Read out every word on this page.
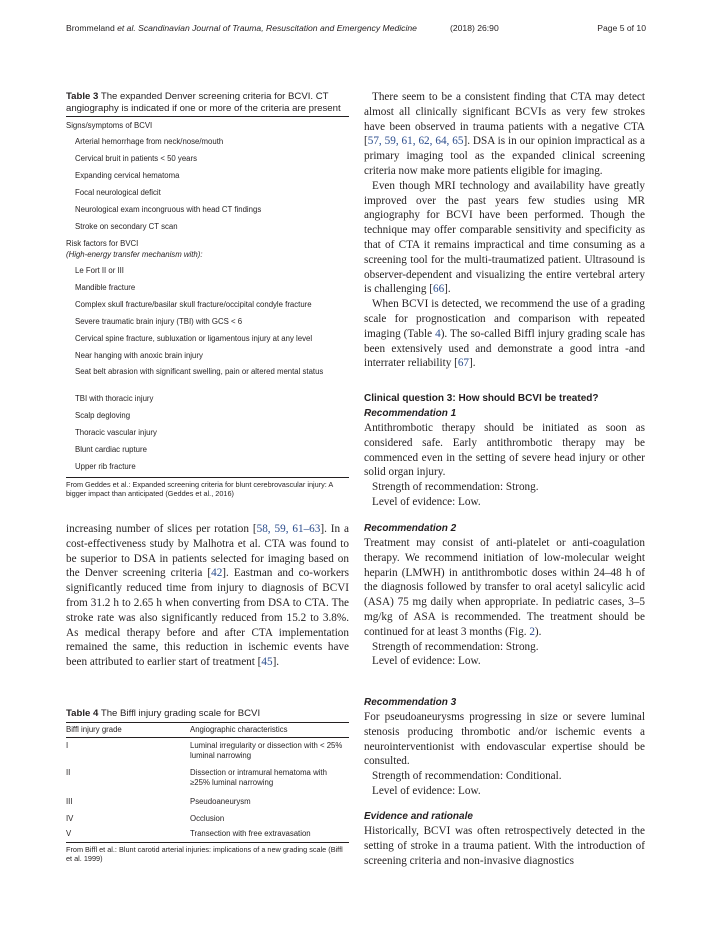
Brommeland et al. Scandinavian Journal of Trauma, Resuscitation and Emergency Medicine	(2018) 26:90	Page 5 of 10
Table 3 The expanded Denver screening criteria for BCVI. CT angiography is indicated if one or more of the criteria are present
Signs/symptoms of BCVI
Arterial hemorrhage from neck/nose/mouth
Cervical bruit in patients < 50 years
Expanding cervical hematoma
Focal neurological deficit
Neurological exam incongruous with head CT findings
Stroke on secondary CT scan
Risk factors for BVCI
(High-energy transfer mechanism with):
Le Fort II or III
Mandible fracture
Complex skull fracture/basilar skull fracture/occipital condyle fracture
Severe traumatic brain injury (TBI) with GCS < 6
Cervical spine fracture, subluxation or ligamentous injury at any level
Near hanging with anoxic brain injury
Seat belt abrasion with significant swelling, pain or altered mental status
TBI with thoracic injury
Scalp degloving
Thoracic vascular injury
Blunt cardiac rupture
Upper rib fracture
From Geddes et al.: Expanded screening criteria for blunt cerebrovascular injury: A bigger impact than anticipated (Geddes et al., 2016)

increasing number of slices per rotation [58, 59, 61–63]. In a cost-effectiveness study by Malhotra et al. CTA was found to be superior to DSA in patients selected for imaging based on the Denver screening criteria [42]. Eastman and co-workers significantly reduced time from injury to diagnosis of BCVI from 31.2 h to 2.65 h when converting from DSA to CTA. The stroke rate was also significantly reduced from 15.2 to 3.8%. As medical therapy before and after CTA implementation remained the same, this reduction in ischemic events have been attributed to earlier start of treatment [45].

Table 4 The Biffl injury grading scale for BCVI
Biffl injury grade	Angiographic characteristics
I	Luminal irregularity or dissection with < 25% luminal narrowing
II	Dissection or intramural hematoma with ≥25% luminal narrowing
III	Pseudoaneurysm
IV	Occlusion
V	Transection with free extravasation
From Biffl et al.: Blunt carotid arterial injuries: implications of a new grading scale (Biffl et al. 1999)

There seem to be a consistent finding that CTA may detect almost all clinically significant BCVIs as very few strokes have been observed in trauma patients with a negative CTA [57, 59, 61, 62, 64, 65]. DSA is in our opinion impractical as a primary imaging tool as the expanded clinical screening criteria now make more patients eligible for imaging.

Even though MRI technology and availability have greatly improved over the past years few studies using MR angiography for BCVI have been performed. Though the technique may offer comparable sensitivity and specificity as that of CTA it remains impractical and time consuming as a screening tool for the multi-traumatized patient. Ultrasound is observer-dependent and visualizing the entire vertebral artery is challenging [66].

When BCVI is detected, we recommend the use of a grading scale for prognostication and comparison with repeated imaging (Table 4). The so-called Biffl injury grading scale has been extensively used and demonstrate a good intra -and interrater reliability [67].

Clinical question 3: How should BCVI be treated?
Recommendation 1

Antithrombotic therapy should be initiated as soon as considered safe. Early antithrombotic therapy may be commenced even in the setting of severe head injury or other solid organ injury.

Strength of recommendation: Strong.

Level of evidence: Low.

Recommendation 2

Treatment may consist of anti-platelet or anti-coagulation therapy. We recommend initiation of low-molecular weight heparin (LMWH) in antithrombotic doses within 24–48 h of the diagnosis followed by transfer to oral acetyl salicylic acid (ASA) 75 mg daily when appropriate. In pediatric cases, 3–5 mg/kg of ASA is recommended. The treatment should be continued for at least 3 months (Fig. 2).

Strength of recommendation: Strong.

Level of evidence: Low.

Recommendation 3

For pseudoaneurysms progressing in size or severe luminal stenosis producing thrombotic and/or ischemic events a neurointerventionist with endovascular expertise should be consulted.

Strength of recommendation: Conditional.

Level of evidence: Low.

Evidence and rationale

Historically, BCVI was often retrospectively detected in the setting of stroke in a trauma patient. With the introduction of screening criteria and non-invasive diagnostics
